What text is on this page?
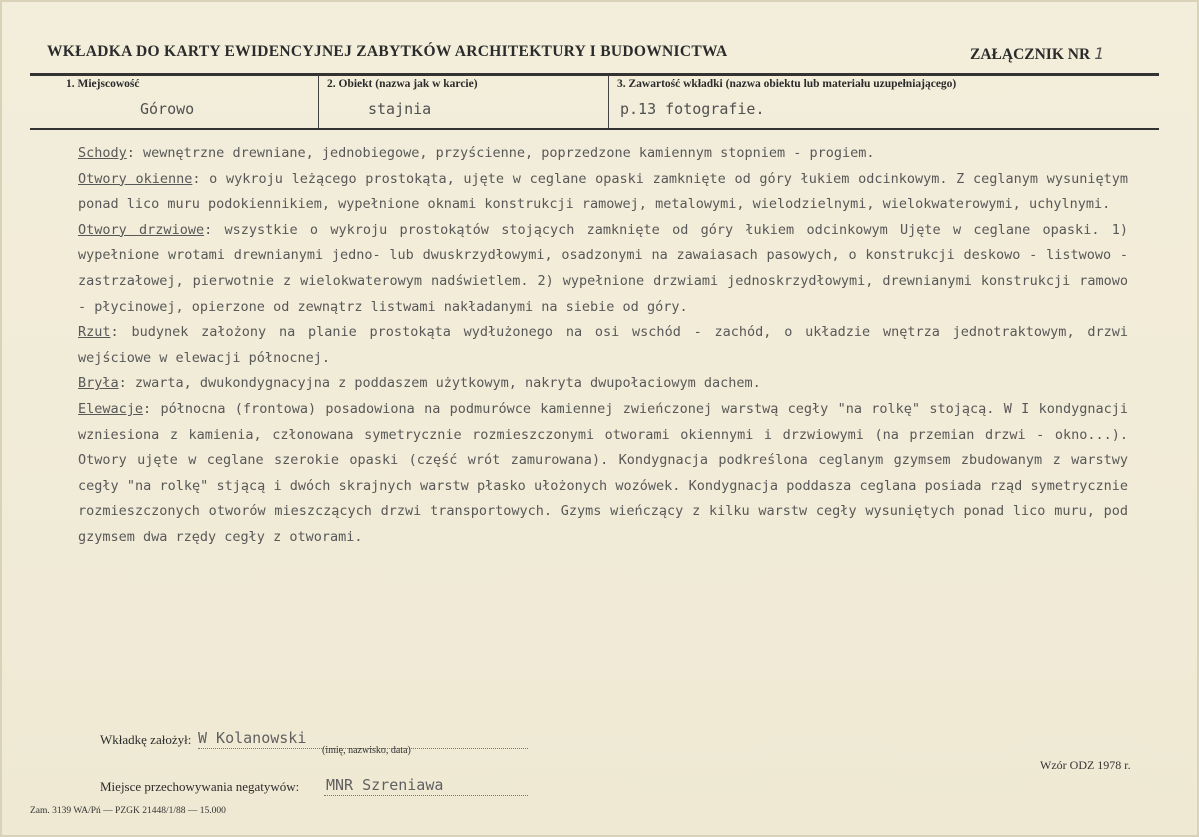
WKŁADKA DO KARTY EWIDENCYJNEJ ZABYTKÓW ARCHITEKTURY I BUDOWNICTWA	ZAŁĄCZNIK NR 1
1. Miejscowość
Górowo
2. Obiekt (nazwa jak w karcie)
stajnia
3. Zawartość wkładki (nazwa obiektu lub materiału uzupełniającego)
p.13 fotografie.

Schody: wewnętrzne drewniane, jednobiegowe, przyścienne, poprzedzone kamiennym stopniem - progiem.

Otwory okienne: o wykroju leżącego prostokąta, ujęte w ceglane opaski zamknięte od góry łukiem odcinkowym. Z ceglanym wysuniętym ponad lico muru podokiennikiem, wypełnione oknami konstrukcji ramowej, metalowymi, wielodzielnymi, wielokwaterowymi, uchylnymi.

Otwory drzwiowe: wszystkie o wykroju prostokątów stojących zamknięte od góry łukiem odcinkowym Ujęte w ceglane opaski. 1) wypełnione wrotami drewnianymi jedno- lub dwuskrzydłowymi, osadzonymi na zawaiasach pasowych, o konstrukcji deskowo - listwowo - zastrzałowej, pierwotnie z wielokwaterowym nadświetlem. 2) wypełnione drzwiami jednoskrzydłowymi, drewnianymi konstrukcji ramowo - płycinowej, opierzone od zewnątrz listwami nakładanymi na siebie od góry.

Rzut: budynek założony na planie prostokąta wydłużonego na osi wschód - zachód, o układzie wnętrza jednotraktowym, drzwi wejściowe w elewacji północnej.

Bryła: zwarta, dwukondygnacyjna z poddaszem użytkowym, nakryta dwupołaciowym dachem.

Elewacje: północna (frontowa) posadowiona na podmurówce kamiennej zwieńczonej warstwą cegły "na rolkę" stojącą. W I kondygnacji wzniesiona z kamienia, członowana symetrycznie rozmieszczonymi otworami okiennymi i drzwiowymi (na przemian drzwi - okno...). Otwory ujęte w ceglane szerokie opaski (część wrót zamurowana). Kondygnacja podkreślona ceglanym gzymsem zbudowanym z warstwy cegły "na rolkę" stjącą i dwóch skrajnych warstw płasko ułożonych wozówek. Kondygnacja poddasza ceglana posiada rząd symetrycznie rozmieszczonych otworów mieszczących drzwi transportowych. Gzyms wieńczący z kilku warstw cegły wysuniętych ponad lico muru, pod gzymsem dwa rzędy cegły z otworami.

Wkładkę założył: W Kolanowski
(imię, nazwisko, data)
Miejsce przechowywania negatywów: MNR Szreniawa
Wzór ODZ 1978 r.
Zam. 3139 WA/Pń — PZGK 21448/1/88 — 15.000
